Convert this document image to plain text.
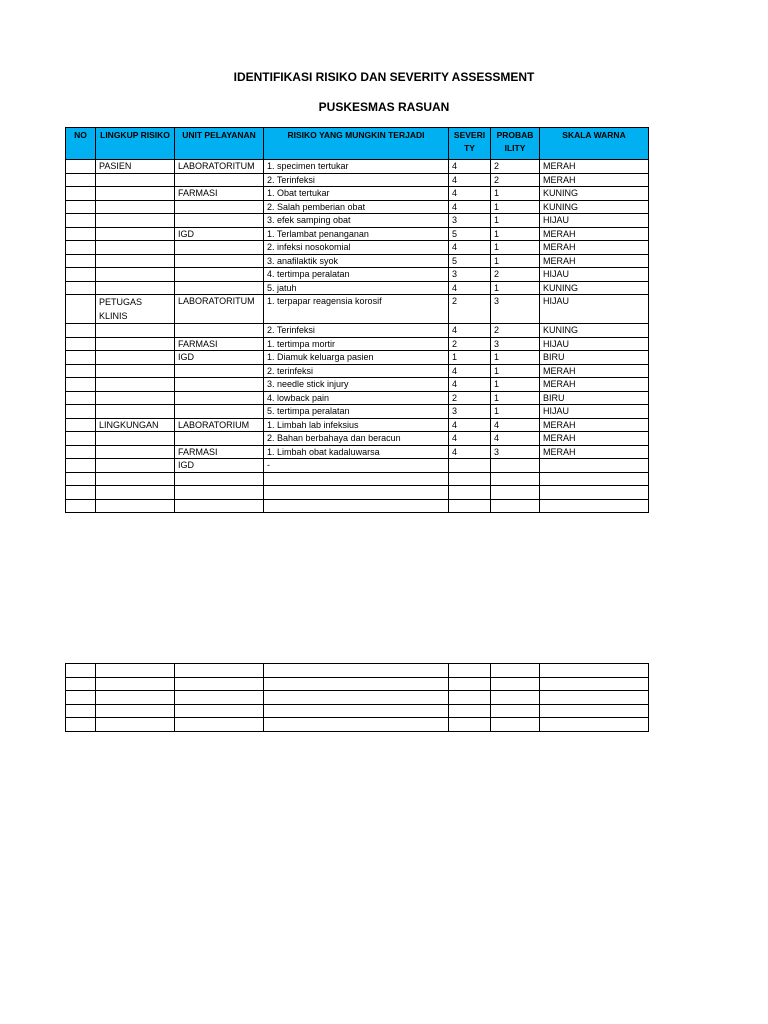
IDENTIFIKASI RISIKO DAN SEVERITY ASSESSMENT
PUSKESMAS RASUAN
NO	LINGKUP RISIKO	UNIT PELAYANAN	RISIKO YANG MUNGKIN TERJADI	SEVERI TY	PROBAB ILITY	SKALA WARNA
	PASIEN	LABORATORITUM	1. specimen tertukar	4	2	MERAH
			2. Terinfeksi	4	2	MERAH
		FARMASI	1. Obat tertukar	4	1	KUNING
			2. Salah pemberian obat	4	1	KUNING
			3. efek samping obat	3	1	HIJAU
		IGD	1. Terlambat penanganan	5	1	MERAH
			2. infeksi nosokomial	4	1	MERAH
			3. anafilaktik syok	5	1	MERAH
			4. tertimpa peralatan	3	2	HIJAU
			5. jatuh	4	1	KUNING
	PETUGAS KLINIS	LABORATORITUM	1. terpapar reagensia korosif	2	3	HIJAU
			2. Terinfeksi	4	2	KUNING
		FARMASI	1. tertimpa mortir	2	3	HIJAU
		IGD	1. Diamuk keluarga pasien	1	1	BIRU
			2. terinfeksi	4	1	MERAH
			3. needle stick injury	4	1	MERAH
			4. lowback pain	2	1	BIRU
			5. tertimpa peralatan	3	1	HIJAU
	LINGKUNGAN	LABORATORIUM	1. Limbah lab infeksius	4	4	MERAH
			2. Bahan berbahaya dan beracun	4	4	MERAH
		FARMASI	1. Limbah obat kadaluwarsa	4	3	MERAH
		IGD	-			
